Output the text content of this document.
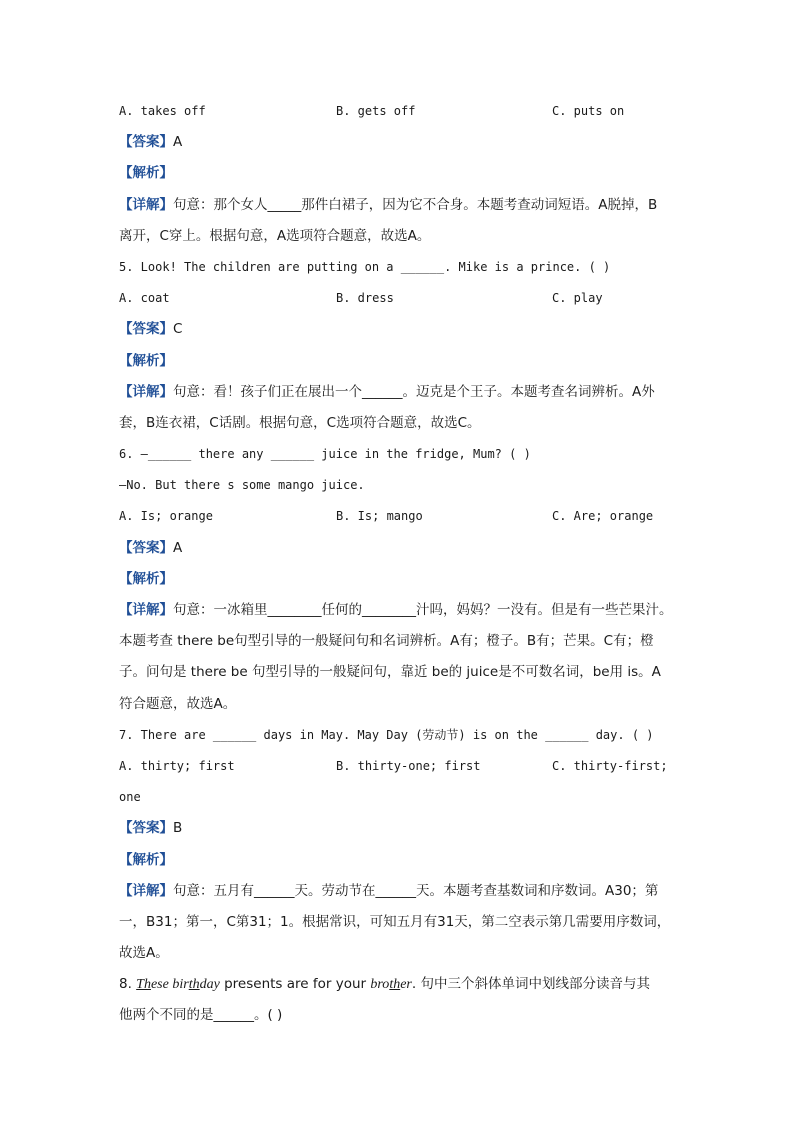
A. takes off	B. gets off	C. puts on
【答案】A
【解析】
【详解】句意：那个女人_____那件白裙子，因为它不合身。本题考查动词短语。A脱掉，B
离开，C穿上。根据句意，A选项符合题意，故选A。
5. Look! The children are putting on a ______. Mike is a prince. ( )
A. coat	B. dress	C. play
【答案】C
【解析】
【详解】句意：看！孩子们正在展出一个______。迈克是个王子。本题考查名词辨析。A外
套，B连衣裙，C话剧。根据句意，C选项符合题意，故选C。
6. —______ there any ______ juice in the fridge, Mum? ( )
—No. But there s some mango juice.
A. Is; orange	B. Is; mango	C. Are; orange
【答案】A
【解析】
【详解】句意：一冰箱里________任何的________汁吗，妈妈？一没有。但是有一些芒果汁。
本题考查 there be句型引导的一般疑问句和名词辨析。A有；橙子。B有；芒果。C有；橙
子。问句是 there be 句型引导的一般疑问句，靠近 be的 juice是不可数名词，be用 is。A
符合题意，故选A。
7. There are ______ days in May. May Day (劳动节) is on the ______ day. ( )
A. thirty; first	B. thirty-one; first	C. thirty-first;
one
【答案】B
【解析】
【详解】句意：五月有______天。劳动节在______天。本题考查基数词和序数词。A30；第
一，B31；第一，C第31；1。根据常识，可知五月有31天，第二空表示第几需要用序数词，
故选A。
8. These birthday presents are for your brother. 句中三个斜体单词中划线部分读音与其
他两个不同的是______。( )
